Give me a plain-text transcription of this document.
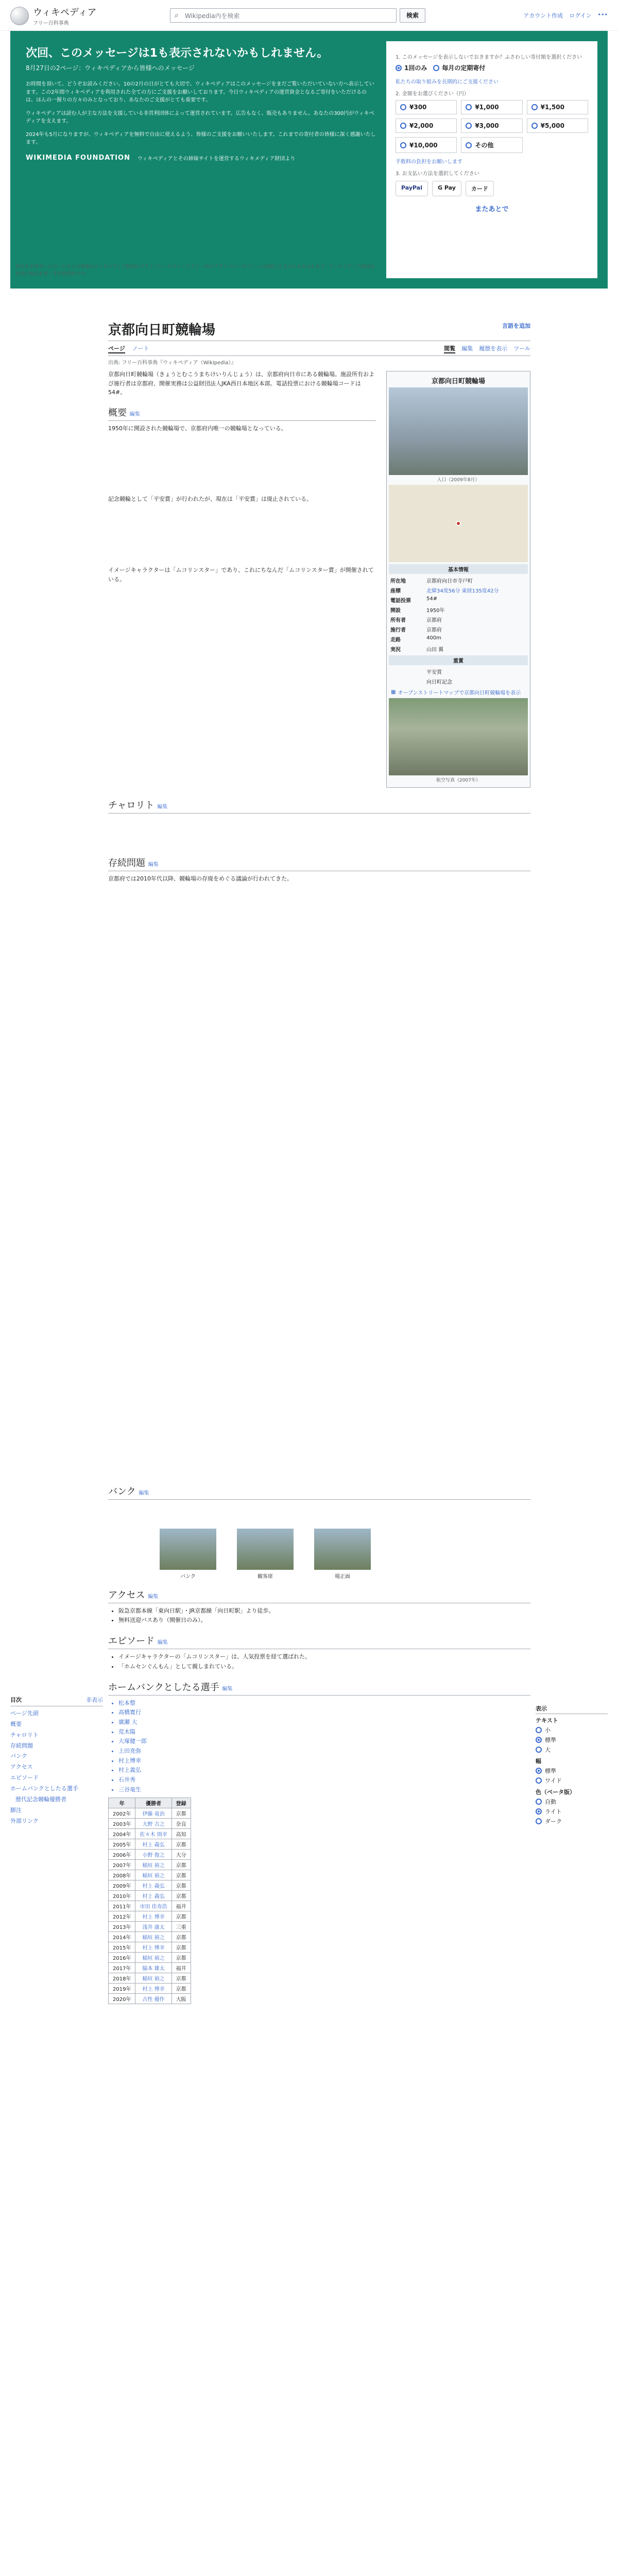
ウィキペディア
フリー百科事典
⌕ Wikipedia内を検索	検索	アカウント作成 ログイン •••
次回、このメッセージは1も表示されないかもしれません。
8月27日の2ページ：ウィキペディアから皆様へのメッセージ

お時間を頂いて、どうぞお読みください。10の2月の日がとても大切で、ウィキペディアはこのメッセージをまだご覧いただいていない方へ表示しています。この2年間ウィキペディアを利用された全ての方にご支援をお願いしております。今日ウィキペディアの運営資金となるご寄付をいただけるのは、ほんの一握りの方々のみとなっており、あなたのご支援がとても重要です。

ウィキペディアは読む人が主な方法を支援している非営利団体によって運営されています。広告もなく、販売もありません。あなたの300円がウィキペディアを支えます。

2024年も5月になりますが、ウィキペディアを無料で自由に使えるよう、皆様のご支援をお願いいたします。これまでの寄付者の皆様に深く感謝いたします。

WIKIMEDIA FOUNDATION ウィキペディアとその姉妹サイトを運営するウィキメディア財団より
1. このメッセージを表示しないでおきますか？ふさわしい寄付額を選択ください
1回のみ 毎月の定期寄付
私たちの取り組みを長期的にご支援ください
2. 金額をお選びください（円）
¥300	¥1,000	¥1,500
¥2,000	¥3,000	¥5,000
¥10,000	その他
手数料の負担をお願いします
3. お支払い方法を選択してください
PayPal	G Pay	カード
またあとで
寄付をお寄せいただいた方々の皆様はウィキメディア財団のプライバシーポリシーとドナー向けプライバシーポリシーに同意したものとみなされます。ウィキメディア財団は米国に拠点を置く非営利団体です。
目次	非表示
ページ先頭
概要
チャロリト
存続問題
バンク
アクセス
エピソード
ホームバンクとしたる選手
歴代記念競輪優勝者
脚注
外部リンク
表示
テキスト
小
標準
大
幅
標準
ワイド
色（ベータ版）
自動
ライト
ダーク
京都向日町競輪場	言語を追加
ページ ノート	閲覧 編集 履歴を表示 ツール
出典: フリー百科事典『ウィキペディア（Wikipedia）』
京都向日町競輪場
入口（2009年8月）
基本情報
所在地	京都府向日市寺戸町
座標	北緯34度56分 東経135度42分
電話投票	54#
開設	1950年
所有者	京都府
施行者	京都府
走路	400m
実況	山田 翼
重賞
	平安賞
	向日町記念
▦ オープンストリートマップで京都向日町競輪場を表示
航空写真（2007年）
京都向日町競輪場（きょうとむこうまちけいりんじょう）は、京都府向日市にある競輪場。施設所有および施行者は京都府、開催実務は公益財団法人JKA西日本地区本部。電話投票における競輪場コードは54#。
概要 編集
1950年に開設された競輪場で、京都府内唯一の競輪場となっている。
記念競輪として「平安賞」が行われたが、現在は「平安賞」は廃止されている。
イメージキャラクターは「ムコリンスター」であり、これにちなんだ「ムコリンスター賞」が開催されている。
チャロリト 編集
存続問題 編集
京都府では2010年代以降、競輪場の存廃をめぐる議論が行われてきた。
バンク 編集
バンク	観客席	場正面
アクセス 編集
• 阪急京都本線「東向日駅」・JR京都線「向日町駅」より徒歩。
• 無料送迎バスあり（開催日のみ）。
エピソード 編集
• イメージキャラクターの「ムコリンスター」は、人気投票を経て選ばれた。
• 「ホムセンぐんもん」として親しまれている。
ホームバンクとしたる選手 編集
• 松本整
• 高橋寛行
• 廣瀬 大
• 荒木陽
• 大塚健一郎
• 上田尭弥
• 村上博幸
• 村上義弘
• 石井秀
• 三谷竜生
年	優勝者	登録
2002年	伊藤 竜治	京都
2003年	大野 吉之	奈良
2004年	佐々木 則幸	高知
2005年	村上 義弘	京都
2006年	小野 俊之	大分
2007年	稲垣 裕之	京都
2008年	稲垣 裕之	京都
2009年	村上 義弘	京都
2010年	村上 義弘	京都
2011年	市田 佳寿浩	福井
2012年	村上 博幸	京都
2013年	浅井 康太	三重
2014年	稲垣 裕之	京都
2015年	村上 博幸	京都
2016年	稲垣 裕之	京都
2017年	脇本 雄太	福井
2018年	稲垣 裕之	京都
2019年	村上 博幸	京都
2020年	古性 優作	大阪
